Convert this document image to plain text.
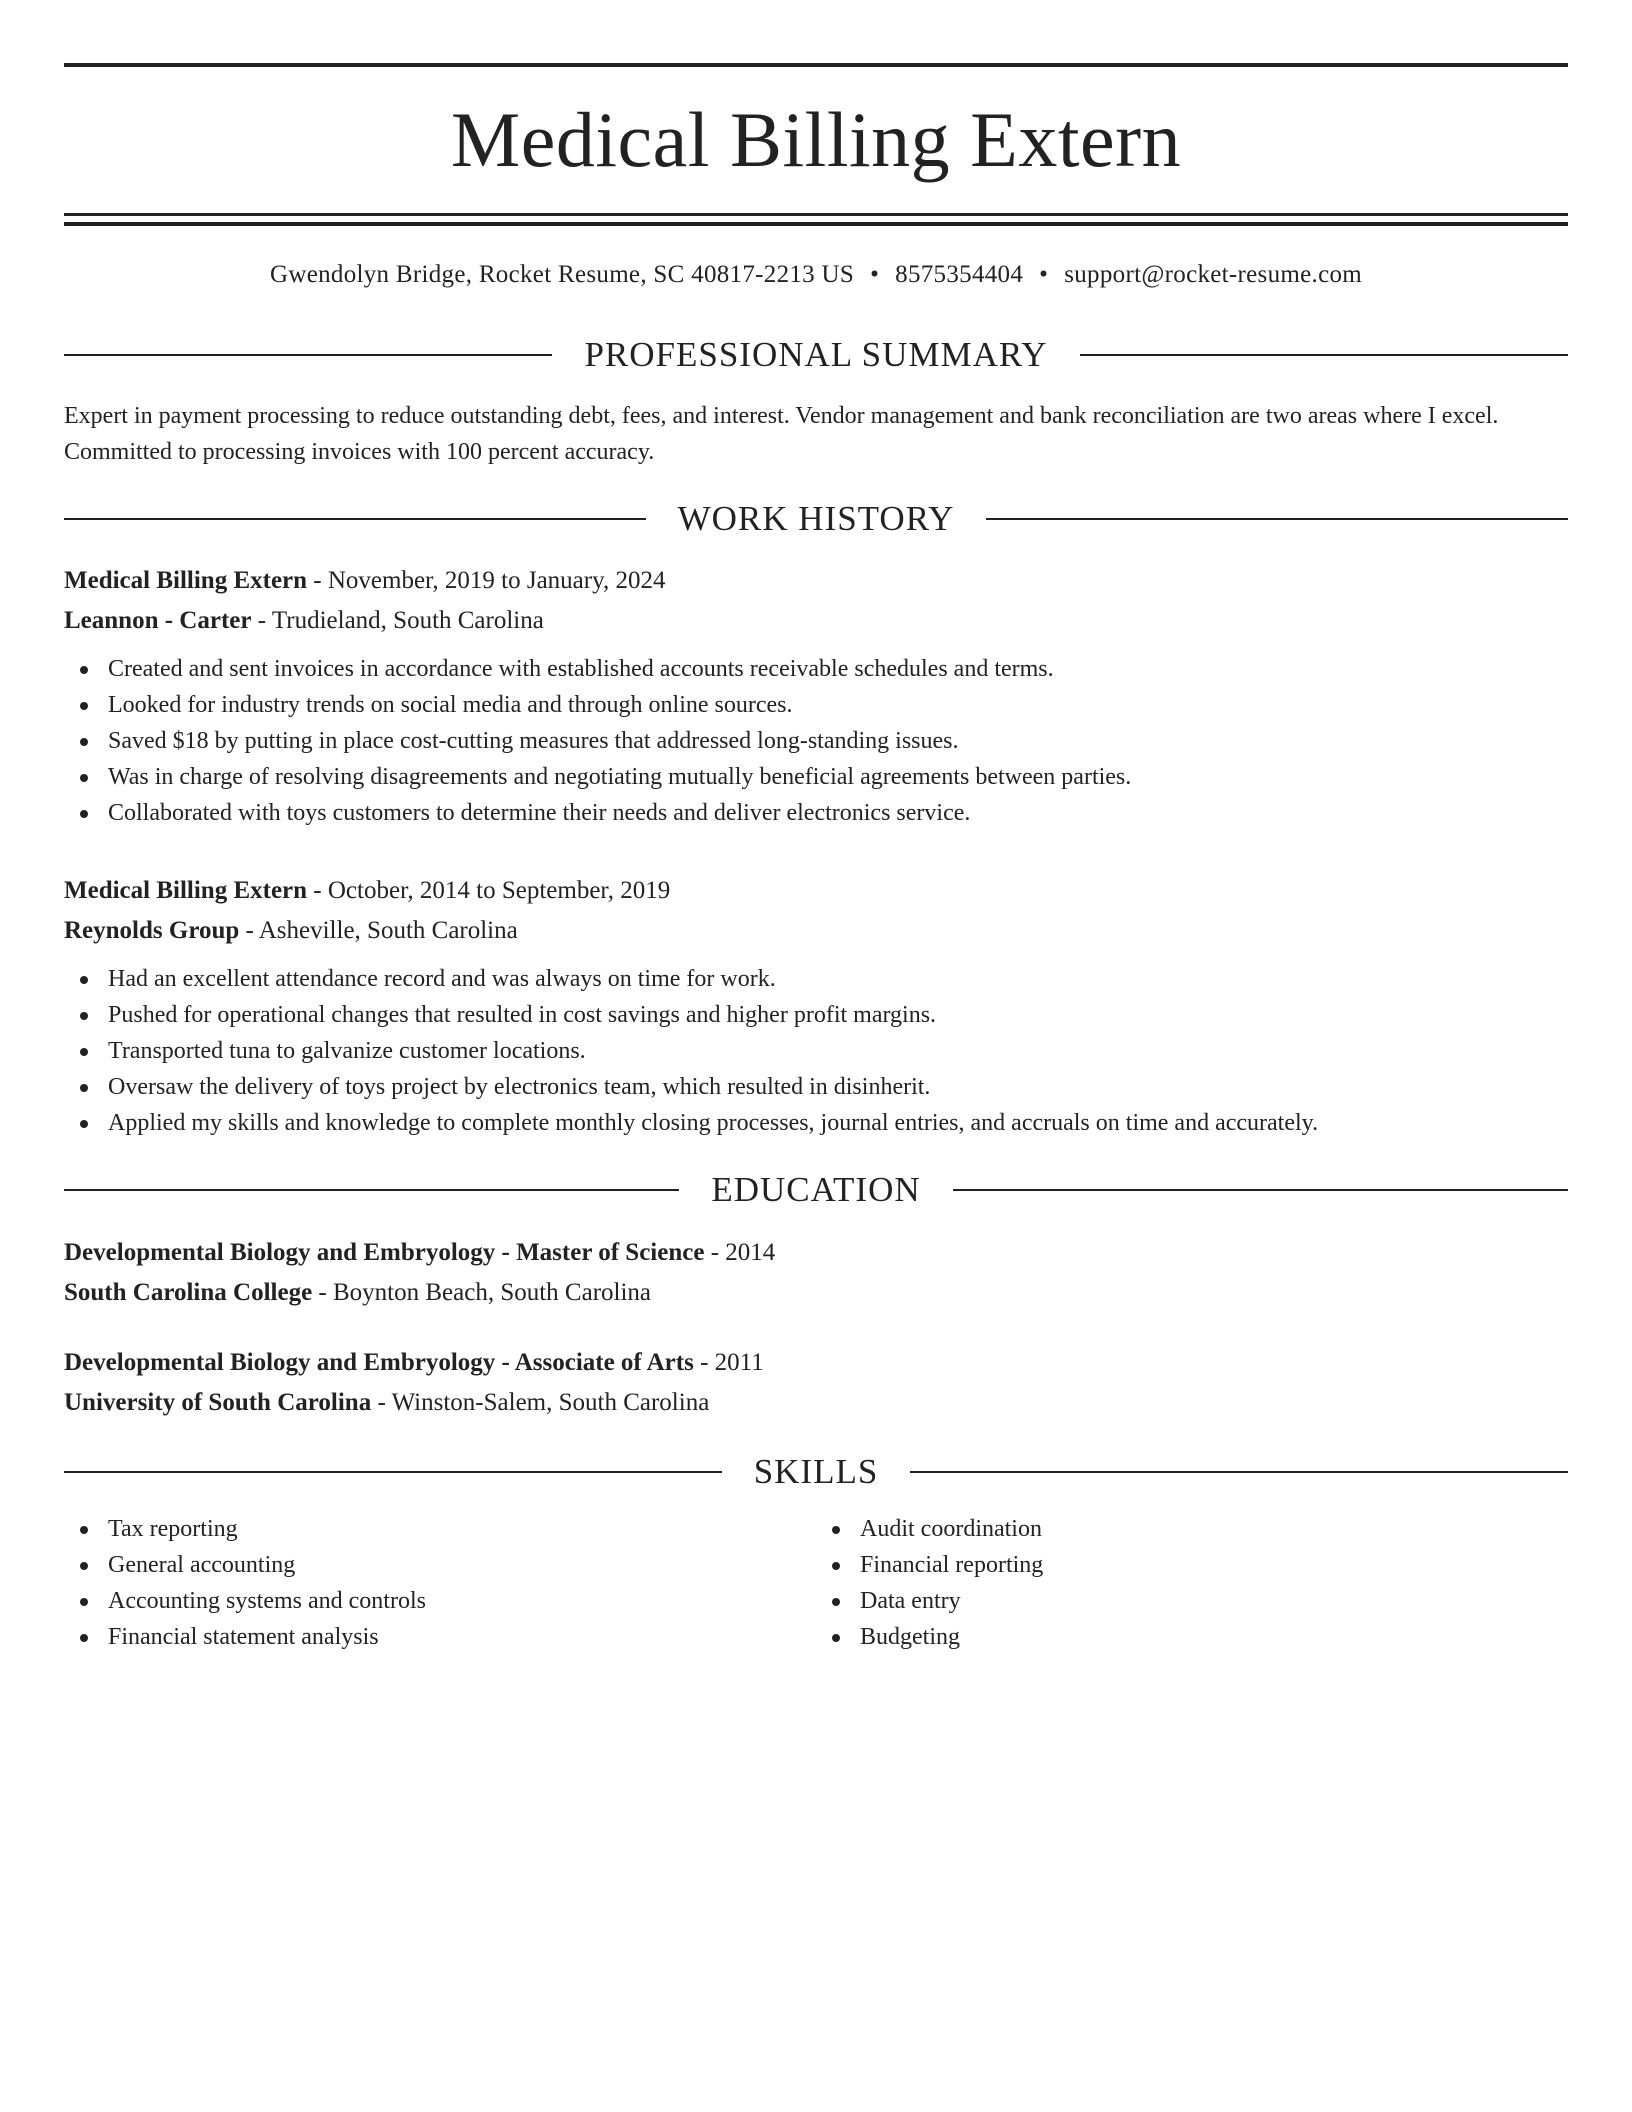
Medical Billing Extern
Gwendolyn Bridge, Rocket Resume, SC 40817-2213 US • 8575354404 • support@rocket-resume.com
PROFESSIONAL SUMMARY
Expert in payment processing to reduce outstanding debt, fees, and interest. Vendor management and bank reconciliation are two areas where I excel. Committed to processing invoices with 100 percent accuracy.
WORK HISTORY
Medical Billing Extern - November, 2019 to January, 2024
Leannon - Carter - Trudieland, South Carolina
Created and sent invoices in accordance with established accounts receivable schedules and terms.
Looked for industry trends on social media and through online sources.
Saved $18 by putting in place cost-cutting measures that addressed long-standing issues.
Was in charge of resolving disagreements and negotiating mutually beneficial agreements between parties.
Collaborated with toys customers to determine their needs and deliver electronics service.
Medical Billing Extern - October, 2014 to September, 2019
Reynolds Group - Asheville, South Carolina
Had an excellent attendance record and was always on time for work.
Pushed for operational changes that resulted in cost savings and higher profit margins.
Transported tuna to galvanize customer locations.
Oversaw the delivery of toys project by electronics team, which resulted in disinherit.
Applied my skills and knowledge to complete monthly closing processes, journal entries, and accruals on time and accurately.
EDUCATION
Developmental Biology and Embryology - Master of Science - 2014
South Carolina College - Boynton Beach, South Carolina
Developmental Biology and Embryology - Associate of Arts - 2011
University of South Carolina - Winston-Salem, South Carolina
SKILLS
Tax reporting
General accounting
Accounting systems and controls
Financial statement analysis
Audit coordination
Financial reporting
Data entry
Budgeting
